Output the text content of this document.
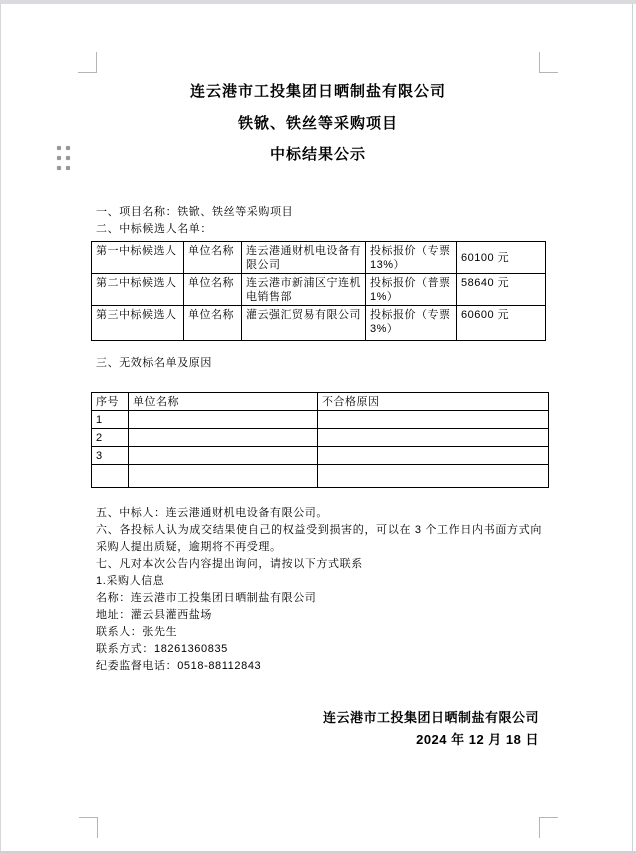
连云港市工投集团日晒制盐有限公司
铁锨、铁丝等采购项目
中标结果公示

一、项目名称：铁锨、铁丝等采购项目

二、中标候选人名单：

第一中标候选人	单位名称	连云港通财机电设备有限公司	投标报价（专票13%）	60100 元
第二中标候选人	单位名称	连云港市新浦区宁连机电销售部	投标报价（普票1%）	58640 元
第三中标候选人	单位名称	灌云强汇贸易有限公司	投标报价（专票3%）	60600 元

三、无效标名单及原因

序号	单位名称	不合格原因
1		
2		
3		

五、中标人：连云港通财机电设备有限公司。

六、各投标人认为成交结果使自己的权益受到损害的，可以在 3 个工作日内书面方式向采购人提出质疑，逾期将不再受理。

七、凡对本次公告内容提出询问，请按以下方式联系

1.采购人信息

名称：连云港市工投集团日晒制盐有限公司

地址：灌云县灌西盐场

联系人：张先生

联系方式：18261360835

纪委监督电话：0518-88112843

连云港市工投集团日晒制盐有限公司
2024 年 12 月 18 日
